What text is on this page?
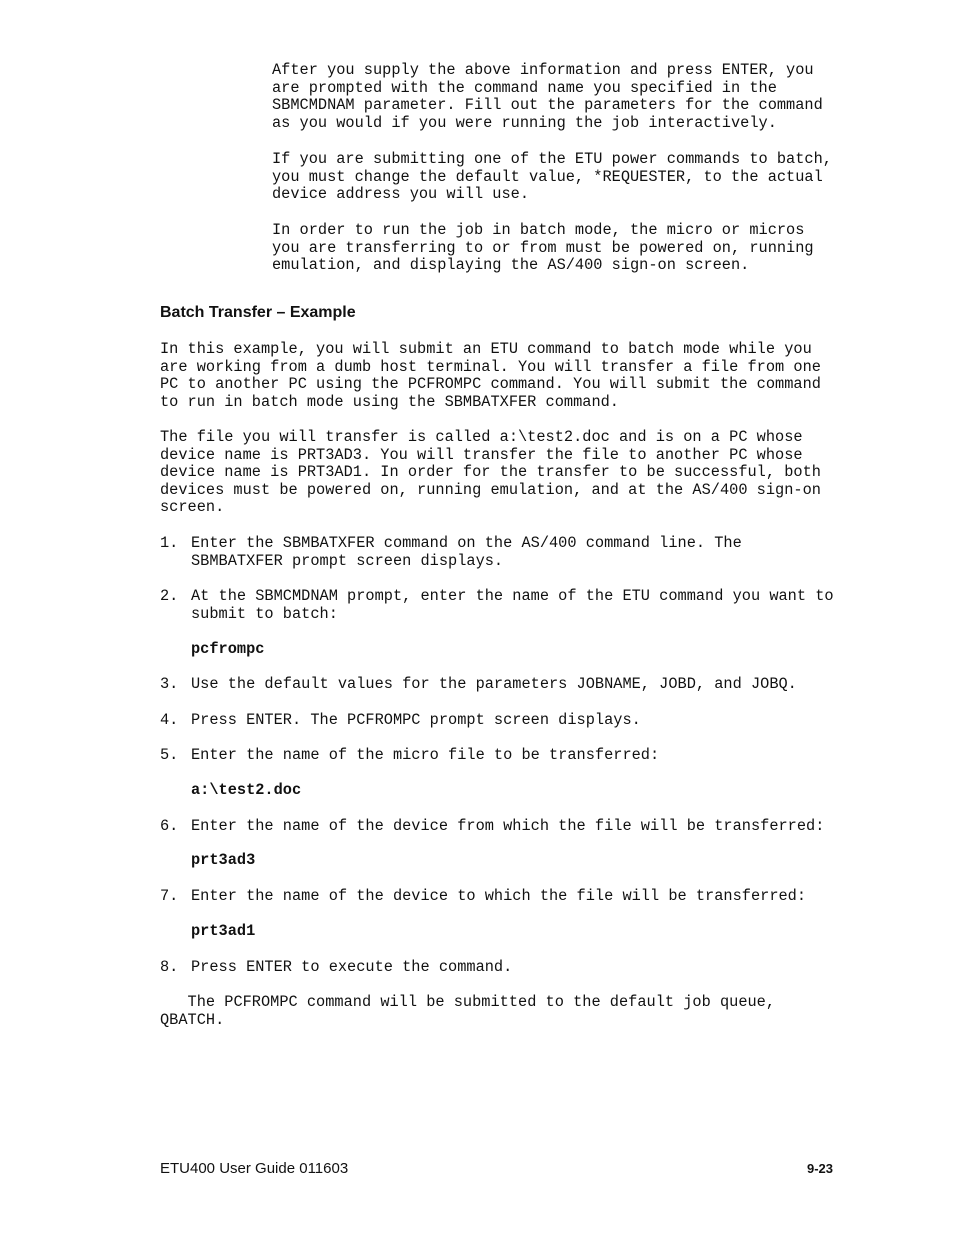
After you supply the above information and press ENTER, you
are prompted with the command name you specified in the
SBMCMDNAM parameter. Fill out the parameters for the command
as you would if you were running the job interactively.

If you are submitting one of the ETU power commands to batch,
you must change the default value, *REQUESTER, to the actual
device address you will use.

In order to run the job in batch mode, the micro or micros
you are transferring to or from must be powered on, running
emulation, and displaying the AS/400 sign-on screen.

Batch Transfer – Example

In this example, you will submit an ETU command to batch mode while you
are working from a dumb host terminal. You will transfer a file from one
PC to another PC using the PCFROMPC command. You will submit the command
to run in batch mode using the SBMBATXFER command.

The file you will transfer is called a:\test2.doc and is on a PC whose
device name is PRT3AD3. You will transfer the file to another PC whose
device name is PRT3AD1. In order for the transfer to be successful, both
devices must be powered on, running emulation, and at the AS/400 sign-on
screen.

1. Enter the SBMBATXFER command on the AS/400 command line. The
SBMBATXFER prompt screen displays.
2. At the SBMCMDNAM prompt, enter the name of the ETU command you want to
submit to batch:

pcfrompc

3. Use the default values for the parameters JOBNAME, JOBD, and JOBQ.
4. Press ENTER. The PCFROMPC prompt screen displays.
5. Enter the name of the micro file to be transferred:

a:\test2.doc

6. Enter the name of the device from which the file will be transferred:

prt3ad3

7. Enter the name of the device to which the file will be transferred:

prt3ad1

8. Press ENTER to execute the command.

The PCFROMPC command will be submitted to the default job queue,
QBATCH.

ETU400 User Guide 011603	9-23
